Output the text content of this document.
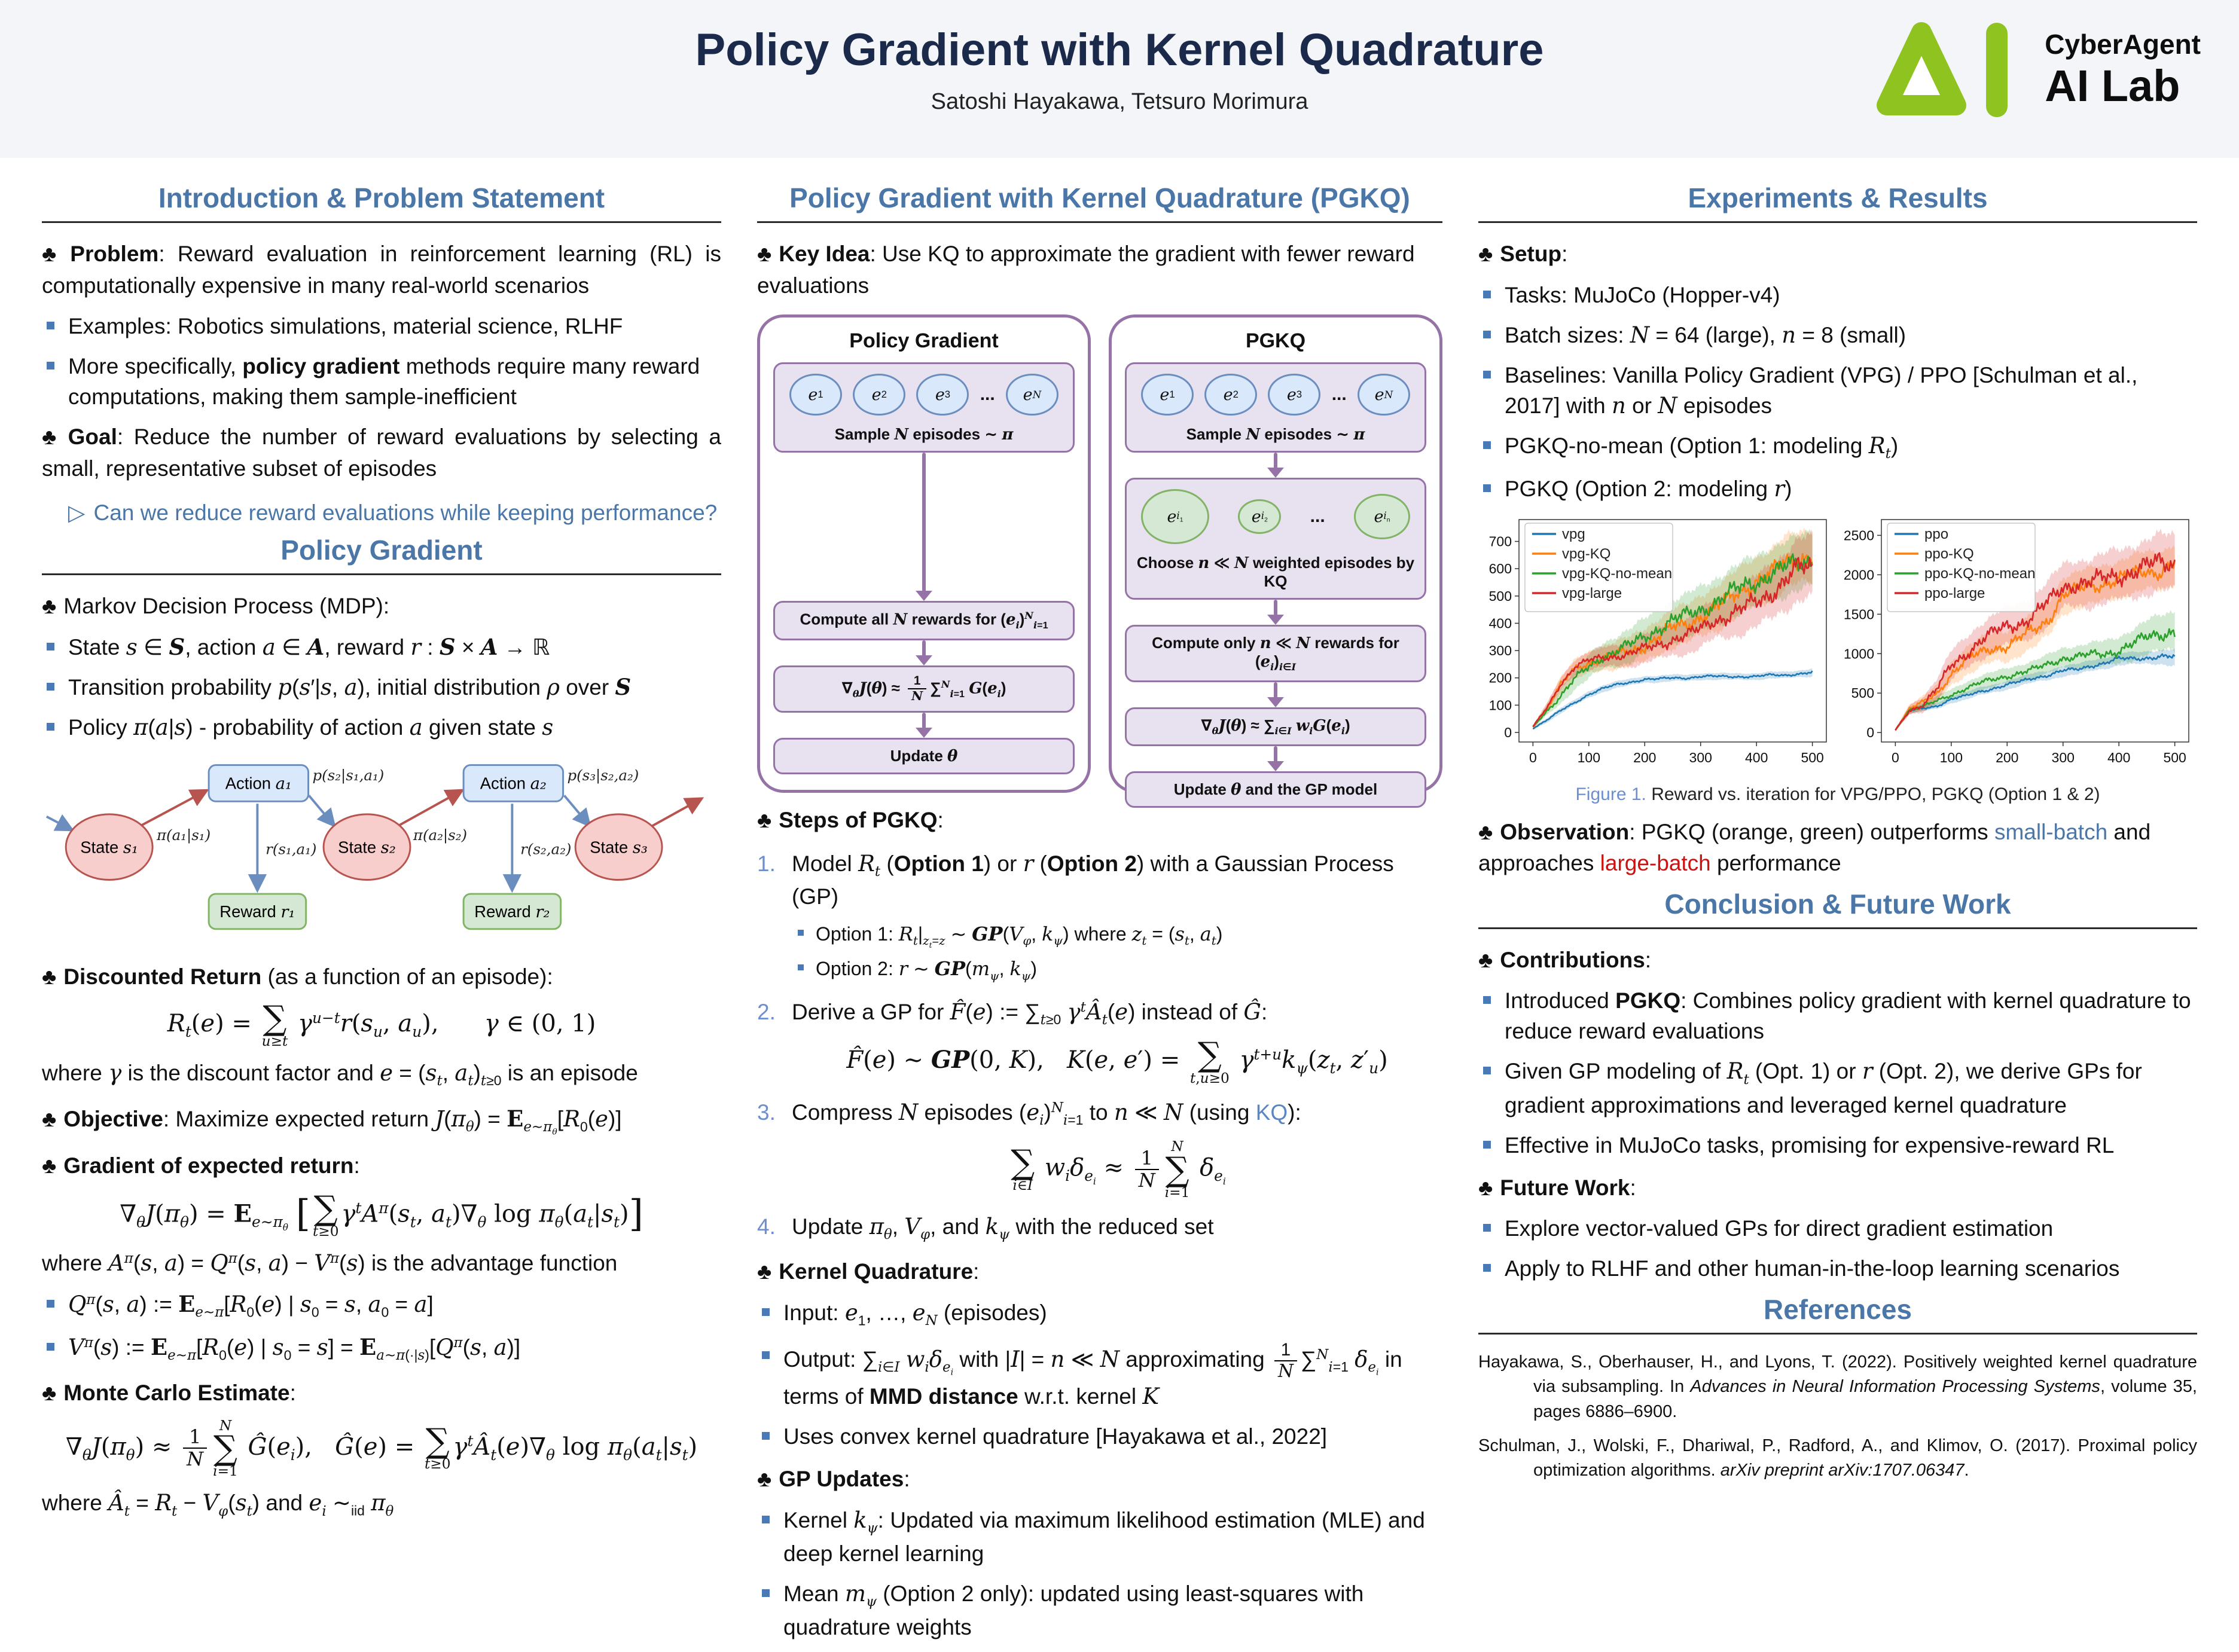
Policy Gradient with Kernel Quadrature
Satoshi Hayakawa, Tetsuro Morimura
CyberAgent
AI Lab
Introduction & Problem Statement

♣ Problem: Reward evaluation in reinforcement learning (RL) is computationally expensive in many real-world scenarios

Examples: Robotics simulations, material science, RLHF
More specifically, policy gradient methods require many reward computations, making them sample-inefficient

♣ Goal: Reduce the number of reward evaluations by selecting a small, representative subset of episodes

▷ Can we reduce reward evaluations while keeping performance?
Policy Gradient
♣ Markov Decision Process (MDP):
State s ∈ S, action a ∈ A, reward r : S × A → ℝ
Transition probability p(s′|s, a), initial distribution ρ over S
Policy π(a|s) - probability of action a given state s
State s₁	State s₂	State s₃
Action a₁	Action a₂
Reward r₁	Reward r₂
π(a₁|s₁)
p(s₂|s₁,a₁)
r(s₁,a₁)
π(a₂|s₂)
p(s₃|s₂,a₂)
r(s₂,a₂)
♣ Discounted Return (as a function of an episode):
$R_t(e)$ = ∑
u≥t
$\gamma^{u-t}r(s_u$, $a_u$),      γ ∈ (0, 1)

where γ is the discount factor and $e = (s_t$, $a_t)_{t\ge 0}$ is an episode

♣ Objective: Maximize expected return $J(\pi_\theta) = E_{e\sim\pi_\theta}[R_0(e)]$
♣ Gradient of expected return:
$\nabla_\theta J(\pi_\theta) = E_{e\sim\pi_\theta}$ [ ∑
t≥0
$\gamma^tA^\pi(s_t$, $a_t)\nabla_\theta$ $\log \pi_\theta(a_t|s_t)$]

where $A^\pi(s$, $a) = Q^\pi(s$, $a) - V^\pi(s)$ is the advantage function

$Q^\pi(s$, a) := $E_{e\sim\pi}[R_0(e)$ | $s_0 = s$, $a_0 = a$]
$V^\pi(s)$ := $E_{e\sim\pi}[R_0(e)$ | $s_0 = s] = E_{a\sim\pi(\cdot|s)}[Q^\pi(s$, a)]
♣ Monte Carlo Estimate:
$\nabla_\theta J(\pi_\theta) \approx \frac{1}{N}$
N
∑
i=1
$Ĝ(e_i)$,   Ĝ(e) = ∑
t≥0
$\gamma^tÂ_t(e)\nabla_\theta$ $\log \pi_\theta(a_t|s_t)$

where $Â_t = R_t - V_\varphi(s_t)$ and $e_i$ $\sim_{iid}$ $\pi_\theta$

Policy Gradient with Kernel Quadrature (PGKQ)
♣ Key Idea: Use KQ to approximate the gradient with fewer reward evaluations
Policy Gradient
e 1	e 2	e 3 ... e N
Sample N episodes ∼ π
Compute all N rewards for $(e_i)^N_{i=1}$
$\nabla_\theta J(\theta) \approx \frac{1}{N} \sum^N_{i=1}$ $G(e_i)$
Update θ
PGKQ
e 1	e 2	e 3 ... e N
Sample N episodes ∼ π
e $i_1$	e $i_2$ ...	e $i_n$
Choose n ≪ N weighted episodes by KQ
Compute only n ≪ N rewards for $(e_i)_{i\in I}$
$\nabla_\theta J(\theta) \approx \sum_{i\in I}$ $w_iG(e_i)$
Update θ and the GP model
♣ Steps of PGKQ:
Model $R_t$ (Option 1) or r (Option 2) with a Gaussian Process (GP)
Option 1: $R_t|_{z_t=z}$ ∼ $GP(V_\varphi$, $k_\psi$) where $z_t = (s_t$, $a_t$)
Option 2: r ∼ $GP(m_\psi$, $k_\psi$)
Derive a GP for F̂(e) := $\sum_{t\ge 0}$ $\gamma^tÂ_t(e)$ instead of Ĝ:
F̂(e) ∼ GP(0, K),   K(e, e′) = ∑
t,u≥0
$\gamma^{t+u}k_\psi(z_t$, $z'_u$)
Compress N episodes $(e_i)^N_{i=1}$ to n ≪ N (using KQ):
∑
i∈I
$w_i\delta_{e_i} \approx \frac{1}{N}$
N
∑
i=1
$\delta_{e_i}$
Update $\pi_\theta$, $V_\varphi$, and $k_\psi$ with the reduced set
♣ Kernel Quadrature:
Input: $e_1$, …, $e_N$ (episodes)
Output: $\sum_{i\in I}$ $w_i\delta_{e_i}$ with |I| = n ≪ N approximating $\frac{1}{N} \sum^N_{i=1}$ $\delta_{e_i}$ in terms of MMD distance w.r.t. kernel K
Uses convex kernel quadrature [Hayakawa et al., 2022]
♣ GP Updates:
Kernel $k_\psi$: Updated via maximum likelihood estimation (MLE) and deep kernel learning
Mean $m_\psi$ (Option 2 only): updated using least-squares with quadrature weights
Experiments & Results
♣ Setup:
Tasks: MuJoCo (Hopper-v4)
Batch sizes: N = 64 (large), n = 8 (small)
Baselines: Vanilla Policy Gradient (VPG) / PPO [Schulman et al., 2017] with n or N episodes
PGKQ-no-mean (Option 1: modeling $R_t$)
PGKQ (Option 2: modeling r)
0
100
200
300
400
500
600
700
0	100 200 300 400 500
vpg
vpg-KQ
vpg-KQ-no-mean
vpg-large
0
500
1000
1500
2000
2500
0	100 200 300 400 500
ppo
ppo-KQ
ppo-KQ-no-mean
ppo-large
Figure 1. Reward vs. iteration for VPG/PPO, PGKQ (Option 1 & 2)
♣ Observation: PGKQ (orange, green) outperforms small-batch and approaches large-batch performance
Conclusion & Future Work
♣ Contributions:
Introduced PGKQ: Combines policy gradient with kernel quadrature to reduce reward evaluations
Given GP modeling of $R_t$ (Opt. 1) or r (Opt. 2), we derive GPs for gradient approximations and leveraged kernel quadrature
Effective in MuJoCo tasks, promising for expensive-reward RL
♣ Future Work:
Explore vector-valued GPs for direct gradient estimation
Apply to RLHF and other human-in-the-loop learning scenarios
References

Hayakawa, S., Oberhauser, H., and Lyons, T. (2022). Positively weighted kernel quadrature via subsampling. In Advances in Neural Information Processing Systems, volume 35, pages 6886–6900.

Schulman, J., Wolski, F., Dhariwal, P., Radford, A., and Klimov, O. (2017). Proximal policy optimization algorithms. arXiv preprint arXiv:1707.06347.
